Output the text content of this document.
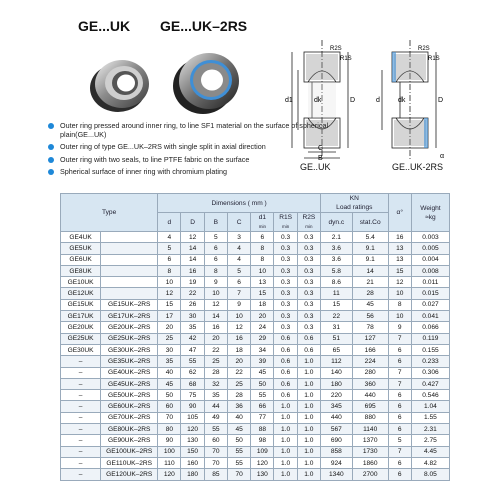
GE...UK GE...UK–2RS
d1	dk	D
C
B
R2S
R1S
dk
d	D
R2S
R1S
α
GE..UK	GE..UK-2RS
Outer ring pressed around inner ring, to line SF1 material on the surface of spherical plain(GE...UK)
Outer ring of type GE...UK–2RS with single split in axial direction
Outer ring with two seals, to line PTFE fabric on the surface
Spherical surface of inner ring with chromium plating
Type		Dimensions ( mm )							KN
Load ratings		α°	Weight
≈kg
		d	D	B	C	d1
min	R1S
min	R2S
min	dyn.c	stat.Co		
GE4UK		4	12	5	3	6	0.3	0.3	2.1	5.4	16	0.003
GE5UK		5	14	6	4	8	0.3	0.3	3.6	9.1	13	0.005
GE6UK		6	14	6	4	8	0.3	0.3	3.6	9.1	13	0.004
GE8UK		8	16	8	5	10	0.3	0.3	5.8	14	15	0.008
GE10UK		10	19	9	6	13	0.3	0.3	8.6	21	12	0.011
GE12UK		12	22	10	7	15	0.3	0.3	11	28	10	0.015
GE15UK	GE15UK–2RS	15	26	12	9	18	0.3	0.3	15	45	8	0.027
GE17UK	GE17UK–2RS	17	30	14	10	20	0.3	0.3	22	56	10	0.041
GE20UK	GE20UK–2RS	20	35	16	12	24	0.3	0.3	31	78	9	0.066
GE25UK	GE25UK–2RS	25	42	20	16	29	0.6	0.6	51	127	7	0.119
GE30UK	GE30UK–2RS	30	47	22	18	34	0.6	0.6	65	166	6	0.155
–	GE35UK–2RS	35	55	25	20	39	0.6	1.0	112	224	6	0.233
–	GE40UK–2RS	40	62	28	22	45	0.6	1.0	140	280	7	0.306
–	GE45UK–2RS	45	68	32	25	50	0.6	1.0	180	360	7	0.427
–	GE50UK–2RS	50	75	35	28	55	0.6	1.0	220	440	6	0.546
–	GE60UK–2RS	60	90	44	36	66	1.0	1.0	345	695	6	1.04
–	GE70UK–2RS	70	105	49	40	77	1.0	1.0	440	880	6	1.55
–	GE80UK–2RS	80	120	55	45	88	1.0	1.0	567	1140	6	2.31
–	GE90UK–2RS	90	130	60	50	98	1.0	1.0	690	1370	5	2.75
–	GE100UK–2RS	100	150	70	55	109	1.0	1.0	858	1730	7	4.45
–	GE110UK–2RS	110	160	70	55	120	1.0	1.0	924	1860	6	4.82
–	GE120UK–2RS	120	180	85	70	130	1.0	1.0	1340	2700	6	8.05
